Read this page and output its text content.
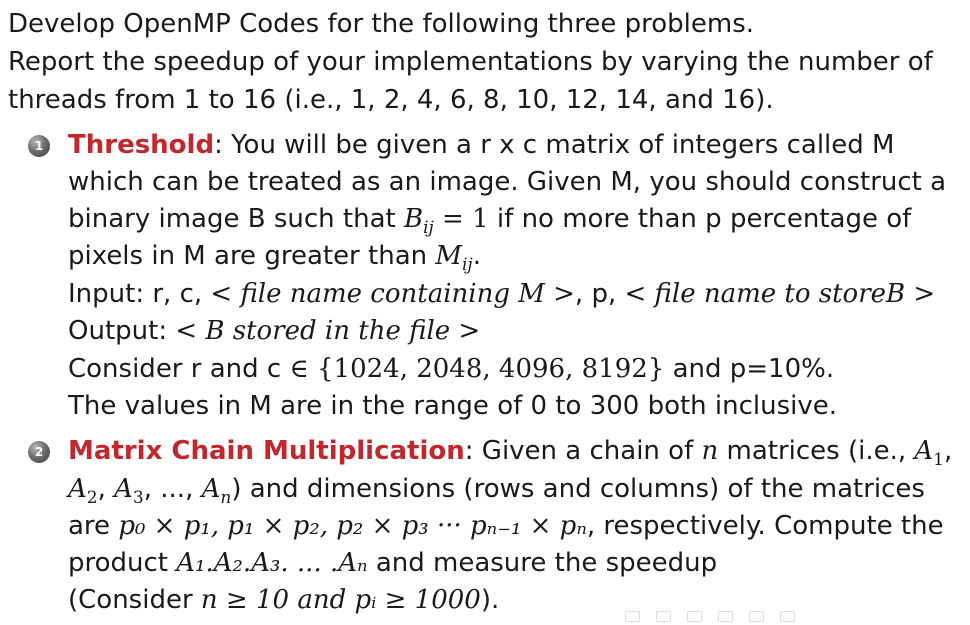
Develop OpenMP Codes for the following three problems.
Report the speedup of your implementations by varying the number of
threads from 1 to 16 (i.e., 1, 2, 4, 6, 8, 10, 12, 14, and 16).
1 Threshold: You will be given a r x c matrix of integers called M
which can be treated as an image. Given M, you should construct a
binary image B such that $B_{ij} = 1$ if no more than p percentage of
pixels in M are greater than $M_{ij}$.
Input: r, c, < file name containing M >, p, < file name to storeB >
Output: < B stored in the file >
Consider r and c ∈ {1024, 2048, 4096, 8192} and p=10%.
The values in M are in the range of 0 to 300 both inclusive.
2 Matrix Chain Multiplication: Given a chain of n matrices (i.e., $A_1$,
$A_2$, $A_3$, ..., $A_n$) and dimensions (rows and columns) of the matrices
are p₀ × p₁, p₁ × p₂, p₂ × p₃ ··· pₙ₋₁ × pₙ, respectively. Compute the
product A₁.A₂.A₃. ... .Aₙ and measure the speedup
(Consider n ≥ 10 and pᵢ ≥ 1000).
